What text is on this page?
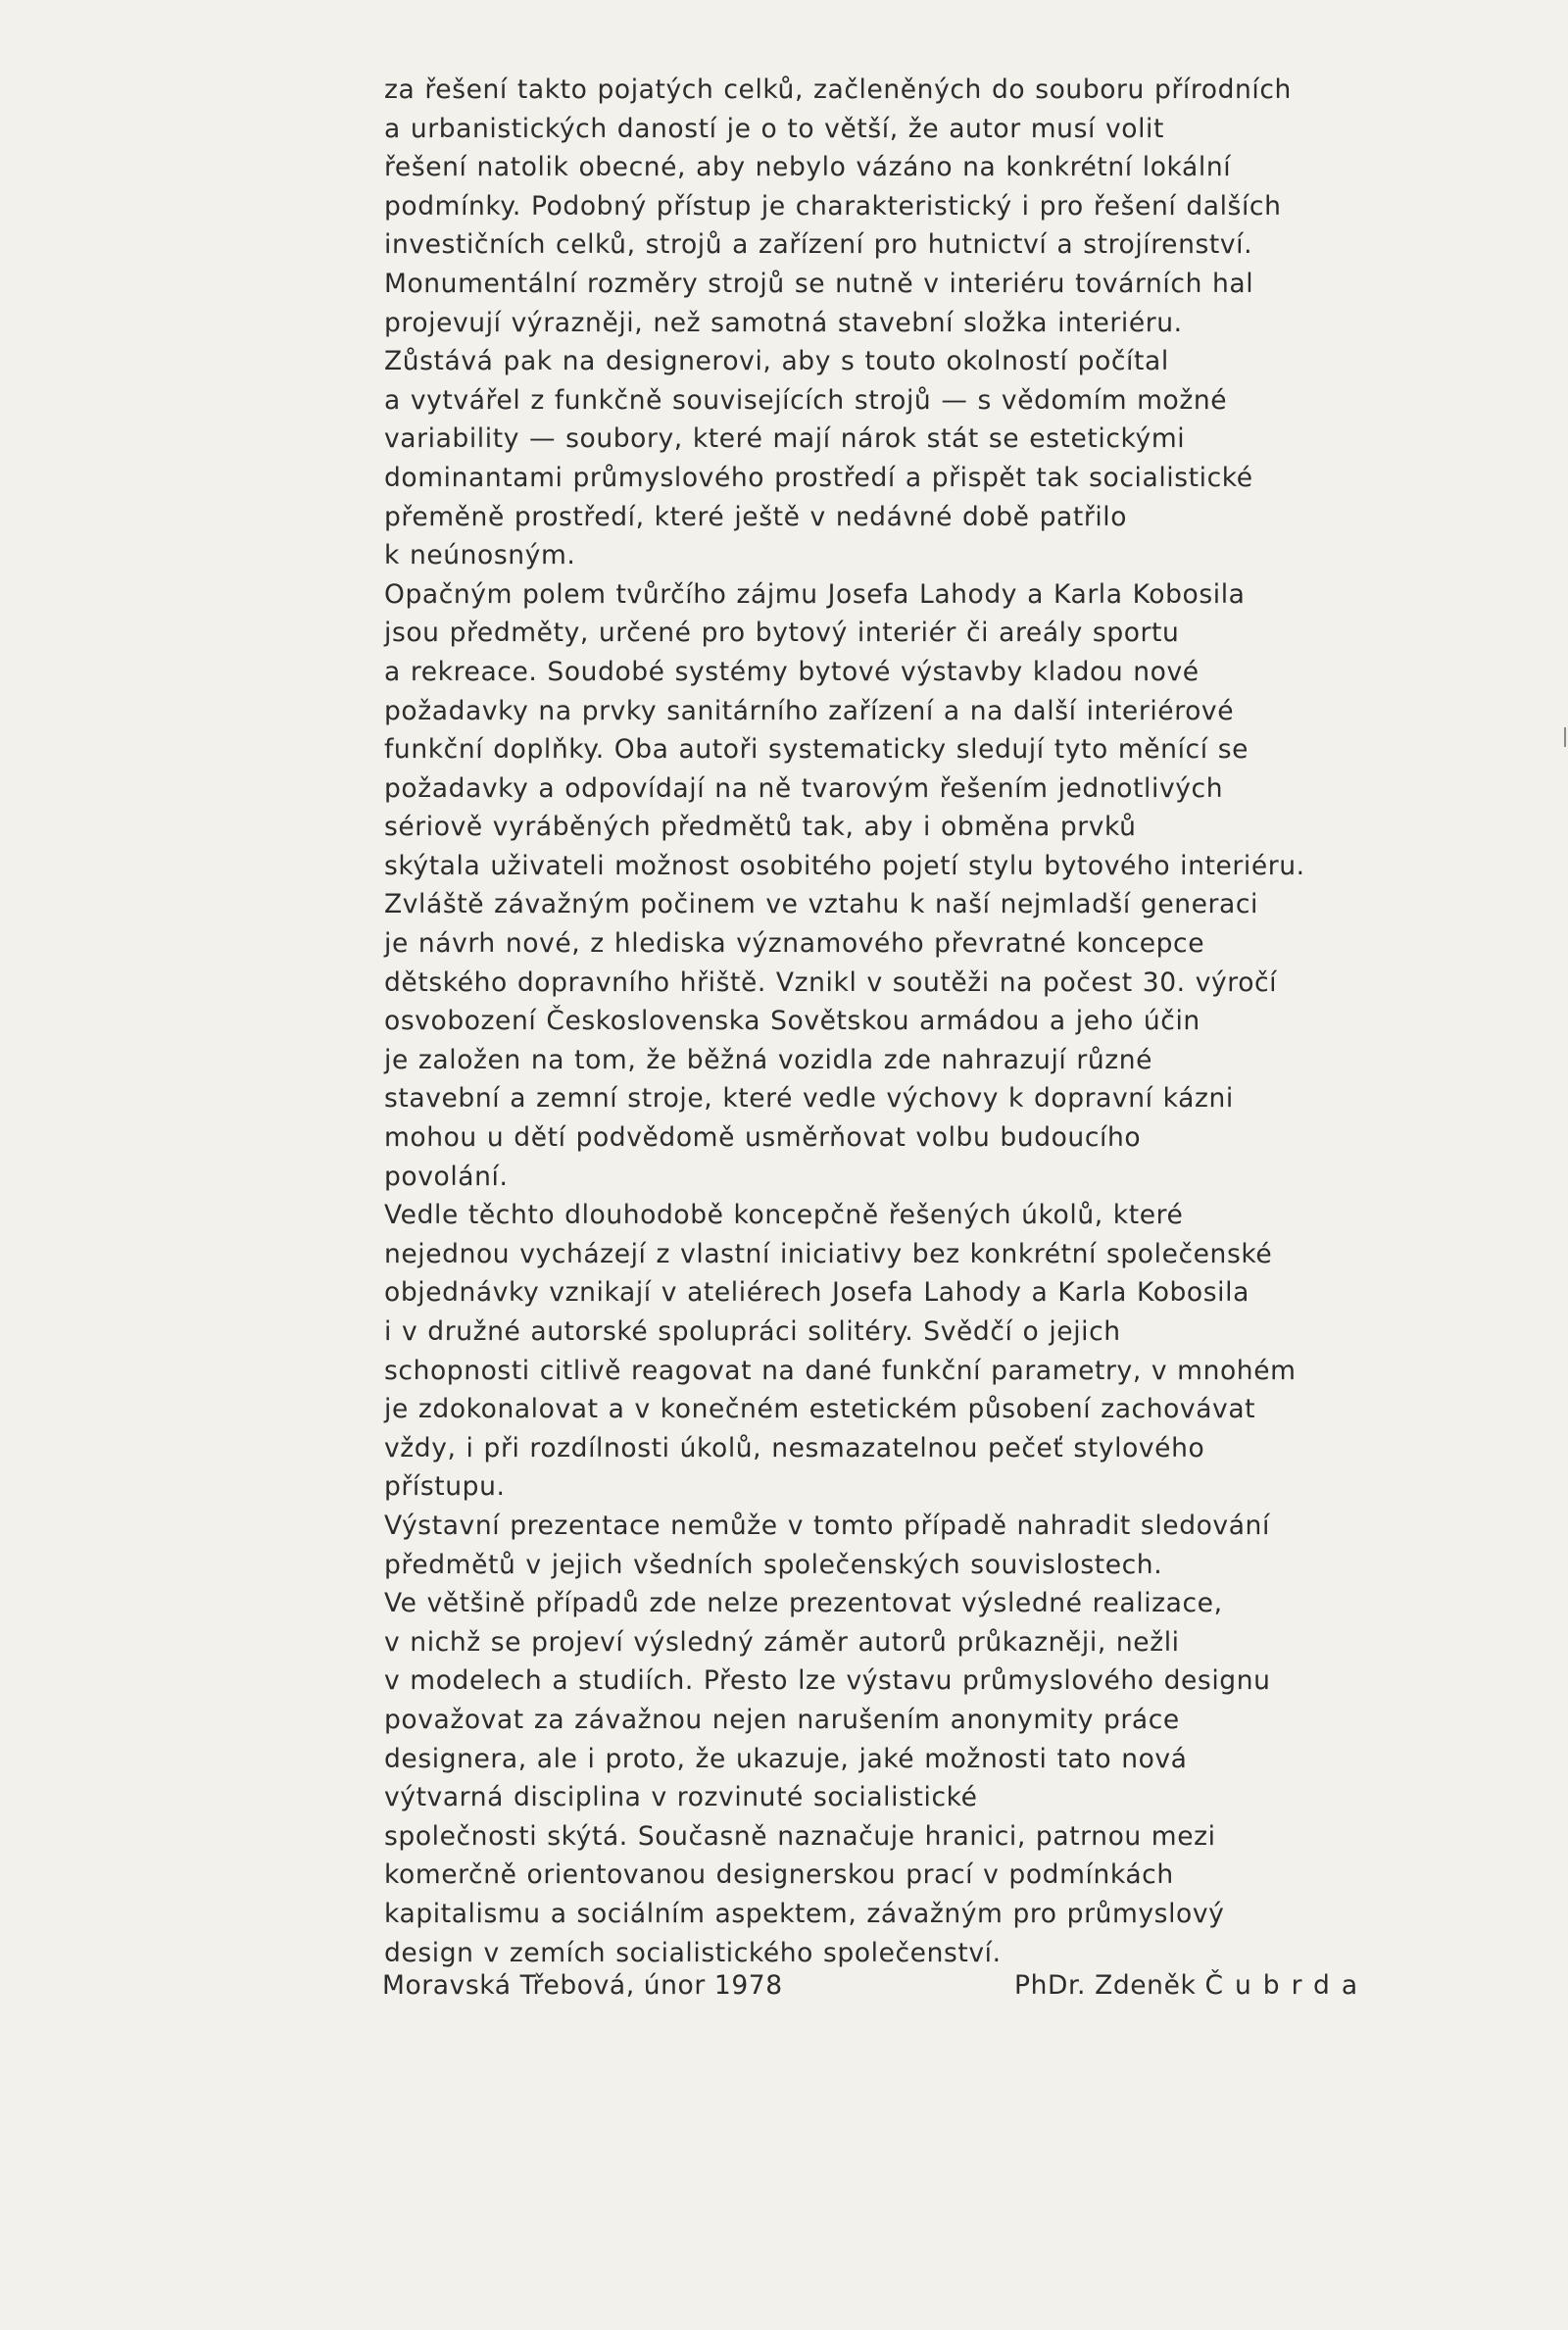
za řešení takto pojatých celků, začleněných do souboru přírodních
a urbanistických daností je o to větší, že autor musí volit
řešení natolik obecné, aby nebylo vázáno na konkrétní lokální
podmínky. Podobný přístup je charakteristický i pro řešení dalších
investičních celků, strojů a zařízení pro hutnictví a strojírenství.
Monumentální rozměry strojů se nutně v interiéru továrních hal
projevují výrazněji, než samotná stavební složka interiéru.
Zůstává pak na designerovi, aby s touto okolností počítal
a vytvářel z funkčně souvisejících strojů — s vědomím možné
variability — soubory, které mají nárok stát se estetickými
dominantami průmyslového prostředí a přispět tak socialistické
přeměně prostředí, které ještě v nedávné době patřilo
k neúnosným.
Opačným polem tvůrčího zájmu Josefa Lahody a Karla Kobosila
jsou předměty, určené pro bytový interiér či areály sportu
a rekreace. Soudobé systémy bytové výstavby kladou nové
požadavky na prvky sanitárního zařízení a na další interiérové
funkční doplňky. Oba autoři systematicky sledují tyto měnící se
požadavky a odpovídají na ně tvarovým řešením jednotlivých
sériově vyráběných předmětů tak, aby i obměna prvků
skýtala uživateli možnost osobitého pojetí stylu bytového interiéru.
Zvláště závažným počinem ve vztahu k naší nejmladší generaci
je návrh nové, z hlediska významového převratné koncepce
dětského dopravního hřiště. Vznikl v soutěži na počest 30. výročí
osvobození Československa Sovětskou armádou a jeho účin
je založen na tom, že běžná vozidla zde nahrazují různé
stavební a zemní stroje, které vedle výchovy k dopravní kázni
mohou u dětí podvědomě usměrňovat volbu budoucího
povolání.
Vedle těchto dlouhodobě koncepčně řešených úkolů, které
nejednou vycházejí z vlastní iniciativy bez konkrétní společenské
objednávky vznikají v ateliérech Josefa Lahody a Karla Kobosila
i v družné autorské spolupráci solitéry. Svědčí o jejich
schopnosti citlivě reagovat na dané funkční parametry, v mnohém
je zdokonalovat a v konečném estetickém působení zachovávat
vždy, i při rozdílnosti úkolů, nesmazatelnou pečeť stylového
přístupu.
Výstavní prezentace nemůže v tomto případě nahradit sledování
předmětů v jejich všedních společenských souvislostech.
Ve většině případů zde nelze prezentovat výsledné realizace,
v nichž se projeví výsledný záměr autorů průkazněji, nežli
v modelech a studiích. Přesto lze výstavu průmyslového designu
považovat za závažnou nejen narušením anonymity práce
designera, ale i proto, že ukazuje, jaké možnosti tato nová
výtvarná disciplina v rozvinuté socialistické
společnosti skýtá. Současně naznačuje hranici, patrnou mezi
komerčně orientovanou designerskou prací v podmínkách
kapitalismu a sociálním aspektem, závažným pro průmyslový
design v zemích socialistického společenství.
Moravská Třebová, únor 1978	PhDr. Zdeněk Čubrda
